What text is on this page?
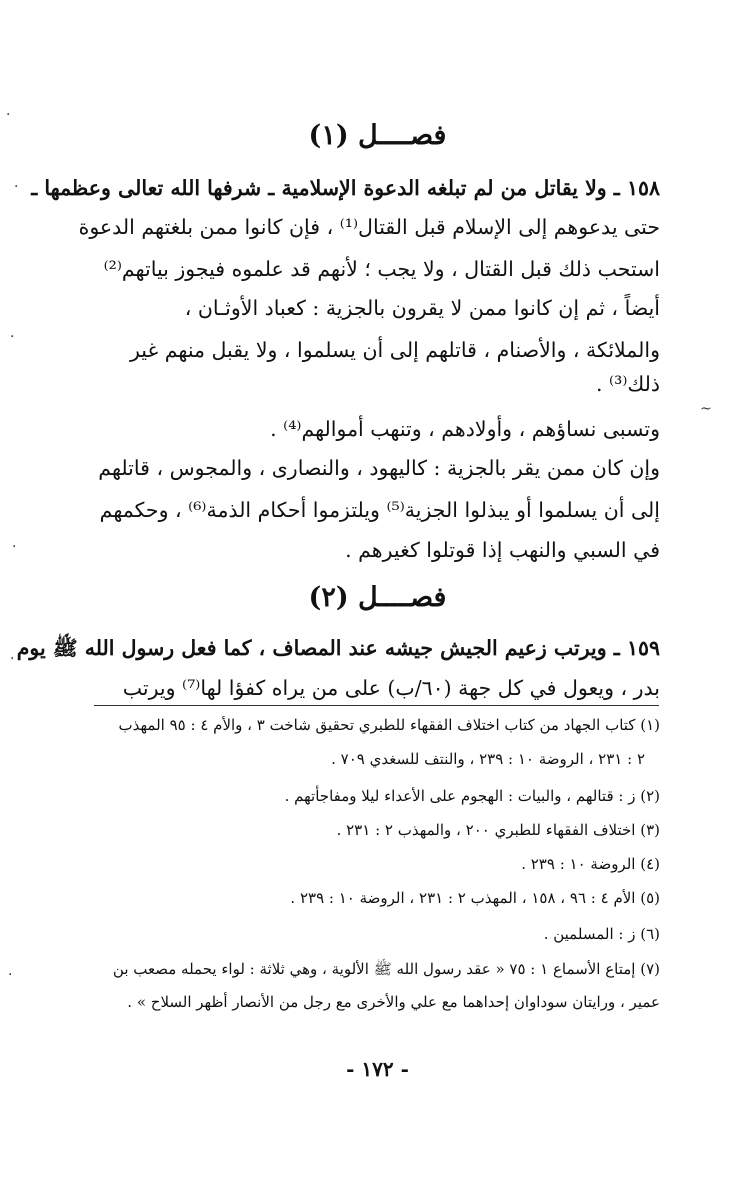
فصــــل (١)
١٥٨ ـ ولا يقاتل من لم تبلغه الدعوة الإسلامية ـ شرفها الله تعالى وعظمها ـ
حتى يدعوهم إلى الإسلام قبل القتال⁽¹⁾ ، فإن كانوا ممن بلغتهم الدعوة
استحب ذلك قبل القتال ، ولا يجب ؛ لأنهم قد علموه فيجوز بياتهم⁽²⁾
أيضاً ، ثم إن كانوا ممن لا يقرون بالجزية : كعباد الأوثـان ،
والملائكة ، والأصنام ، قاتلهم إلى أن يسلموا ، ولا يقبل منهم غير
ذلك⁽³⁾ .
وتسبى نساؤهم ، وأولادهم ، وتنهب أموالهم⁽⁴⁾ .
وإن كان ممن يقر بالجزية : كاليهود ، والنصارى ، والمجوس ، قاتلهم
إلى أن يسلموا أو يبذلوا الجزية⁽⁵⁾ ويلتزموا أحكام الذمة⁽⁶⁾ ، وحكمهم
في السبي والنهب إذا قوتلوا كغيرهم .
فصــــل (٢)
١٥٩ ـ ويرتب زعيم الجيش جيشه عند المصاف ، كما فعل رسول الله ﷺ يوم
بدر ، ويعول في كل جهة (٦٠/ب) على من يراه كفؤا لها⁽⁷⁾ ويرتب
(١) كتاب الجهاد من كتاب اختلاف الفقهاء للطبري تحقيق شاخت ٣ ، والأم ٤ : ٩٥ المهذب
٢ : ٢٣١ ، الروضة ١٠ : ٢٣٩ ، والنتف للسغدي ٧٠٩ .
(٢) ز : قتالهم ، والبيات : الهجوم على الأعداء ليلا ومفاجأتهم .
(٣) اختلاف الفقهاء للطبري ٢٠٠ ، والمهذب ٢ : ٢٣١ .
(٤) الروضة ١٠ : ٢٣٩ .
(٥) الأم ٤ : ٩٦ ، ١٥٨ ، المهذب ٢ : ٢٣١ ، الروضة ١٠ : ٢٣٩ .
(٦) ز : المسلمين .
(٧) إمتاع الأسماع ١ : ٧٥ « عقد رسول الله ﷺ الألوية ، وهي ثلاثة : لواء يحمله مصعب بن
عمير ، ورايتان سوداوان إحداهما مع علي والأخرى مع رجل من الأنصار أظهر السلاح » .
- ١٧٢ -
·
·
·
~
·
·
·
